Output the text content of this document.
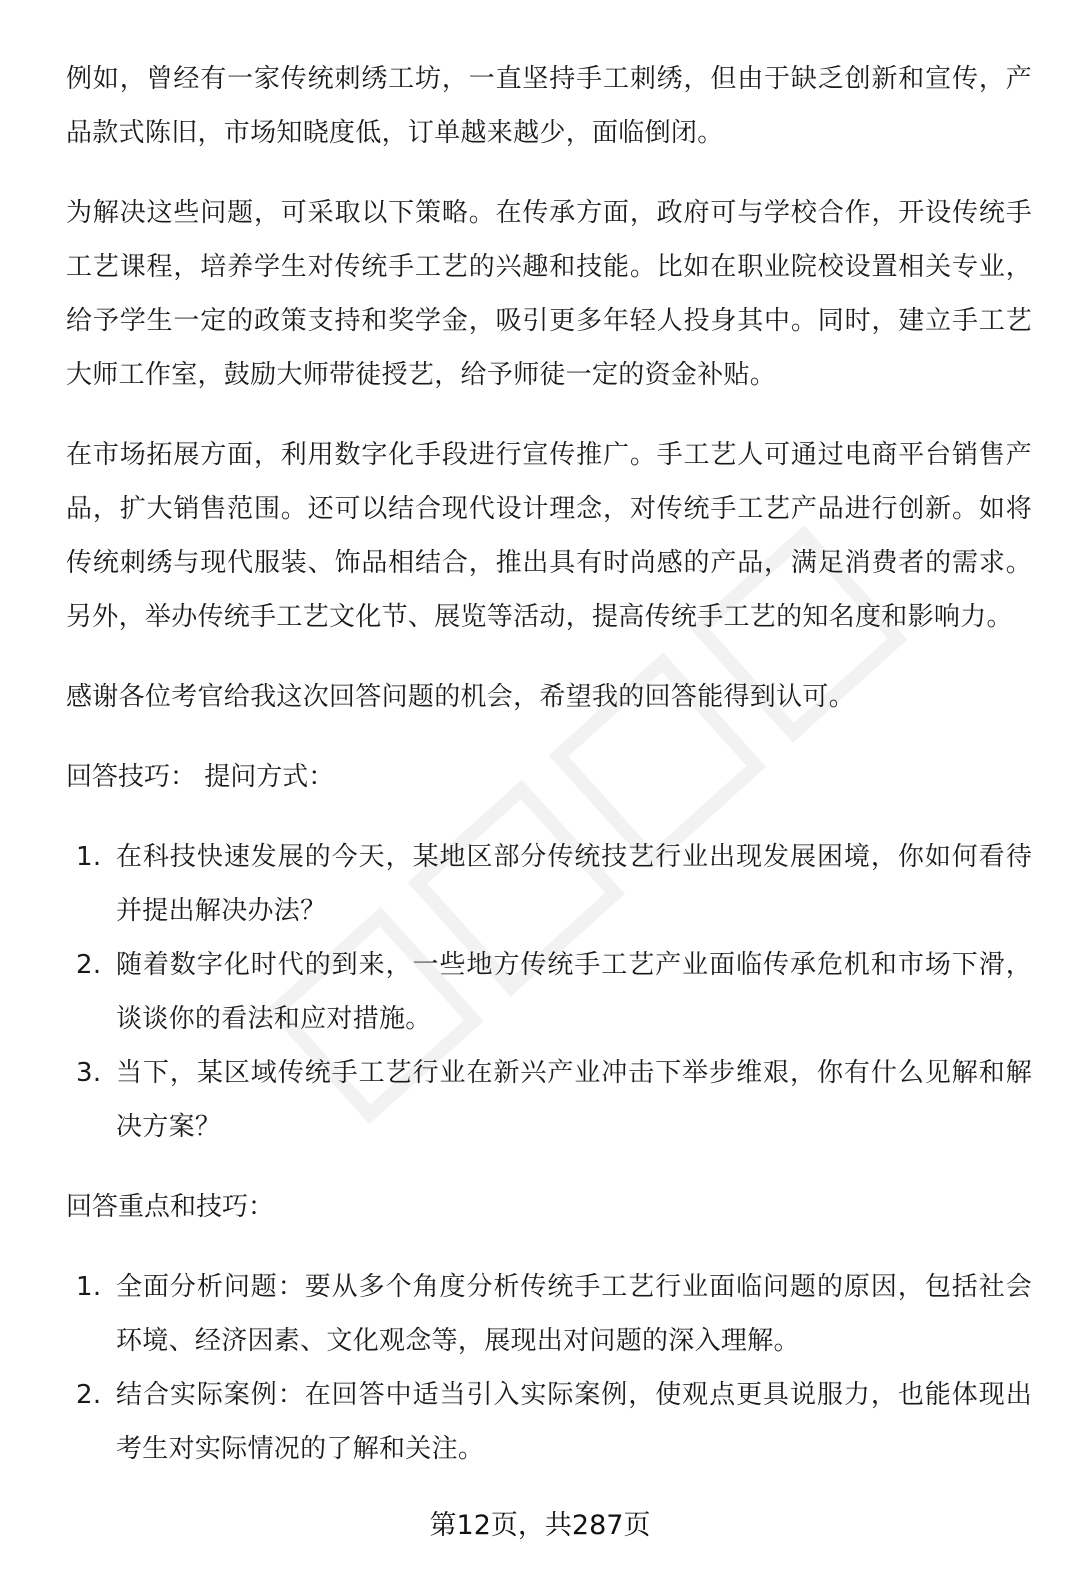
例如，曾经有一家传统刺绣工坊，一直坚持手工刺绣，但由于缺乏创新和宣传，产品款式陈旧，市场知晓度低，订单越来越少，面临倒闭。

为解决这些问题，可采取以下策略。在传承方面，政府可与学校合作，开设传统手工艺课程，培养学生对传统手工艺的兴趣和技能。比如在职业院校设置相关专业，给予学生一定的政策支持和奖学金，吸引更多年轻人投身其中。同时，建立手工艺大师工作室，鼓励大师带徒授艺，给予师徒一定的资金补贴。

在市场拓展方面，利用数字化手段进行宣传推广。手工艺人可通过电商平台销售产品，扩大销售范围。还可以结合现代设计理念，对传统手工艺产品进行创新。如将传统刺绣与现代服装、饰品相结合，推出具有时尚感的产品，满足消费者的需求。另外，举办传统手工艺文化节、展览等活动，提高传统手工艺的知名度和影响力。

感谢各位考官给我这次回答问题的机会，希望我的回答能得到认可。

回答技巧： 提问方式：

1. 在科技快速发展的今天，某地区部分传统技艺行业出现发展困境，你如何看待并提出解决办法？
2. 随着数字化时代的到来，一些地方传统手工艺产业面临传承危机和市场下滑，谈谈你的看法和应对措施。
3. 当下，某区域传统手工艺行业在新兴产业冲击下举步维艰，你有什么见解和解决方案？

回答重点和技巧：

1. 全面分析问题：要从多个角度分析传统手工艺行业面临问题的原因，包括社会环境、经济因素、文化观念等，展现出对问题的深入理解。
2. 结合实际案例：在回答中适当引入实际案例，使观点更具说服力，也能体现出考生对实际情况的了解和关注。
第12页，共287页
